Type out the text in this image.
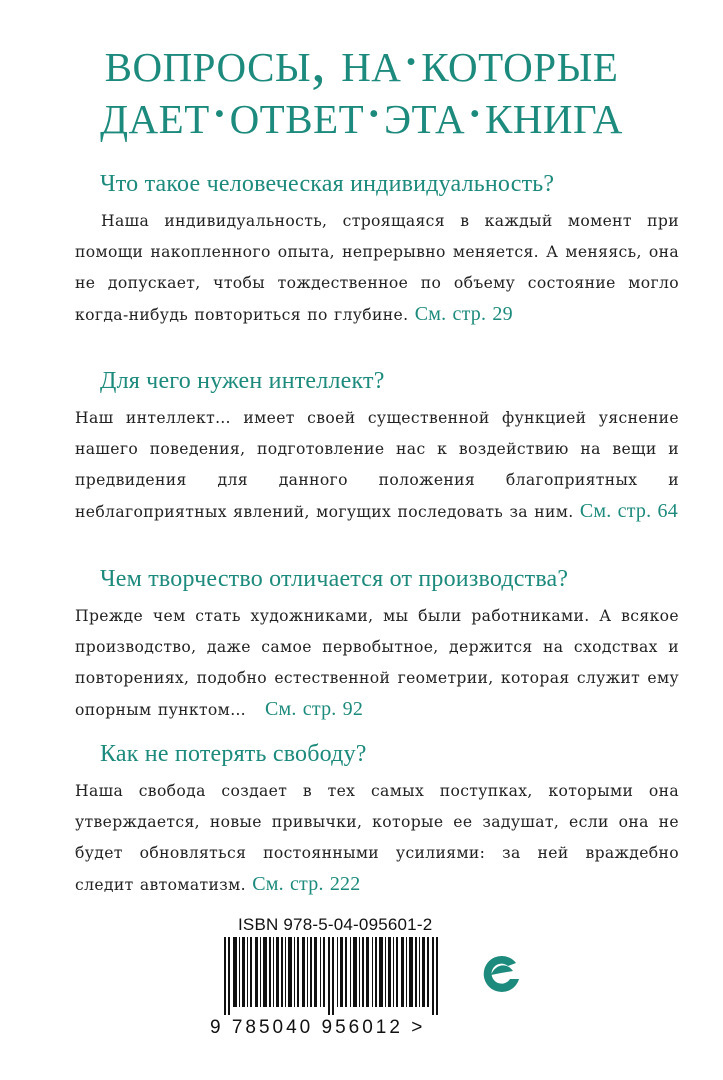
вопросы, на·которые
дает·ответ·эта·книга
Что такое человеческая индивидуальность?
Наша индивидуальность, строящаяся в каждый момент при помощи накопленного опыта, непрерывно меняется. А меняясь, она не допускает, чтобы тождественное по объему состояние могло когда-нибудь повториться по глубине. См. стр. 29
Для чего нужен интеллект?
Наш интеллект… имеет своей существенной функцией уяснение нашего поведения, подготовление нас к воздействию на вещи и предвидения для данного положения благоприятных и неблагоприятных явлений, могущих последовать за ним. См. стр. 64
Чем творчество отличается от производства?
Прежде чем стать художниками, мы были работниками. А всякое производство, даже самое первобытное, держится на сходствах и повторениях, подобно естественной геометрии, которая служит ему опорным пунктом… См. стр. 92
Как не потерять свободу?
Наша свобода создает в тех самых поступках, которыми она утверждается, новые привычки, которые ее задушат, если она не будет обновляться постоянными усилиями: за ней враждебно следит автоматизм. См. стр. 222
ISBN 978-5-04-095601-2
9 785040 956012 >
